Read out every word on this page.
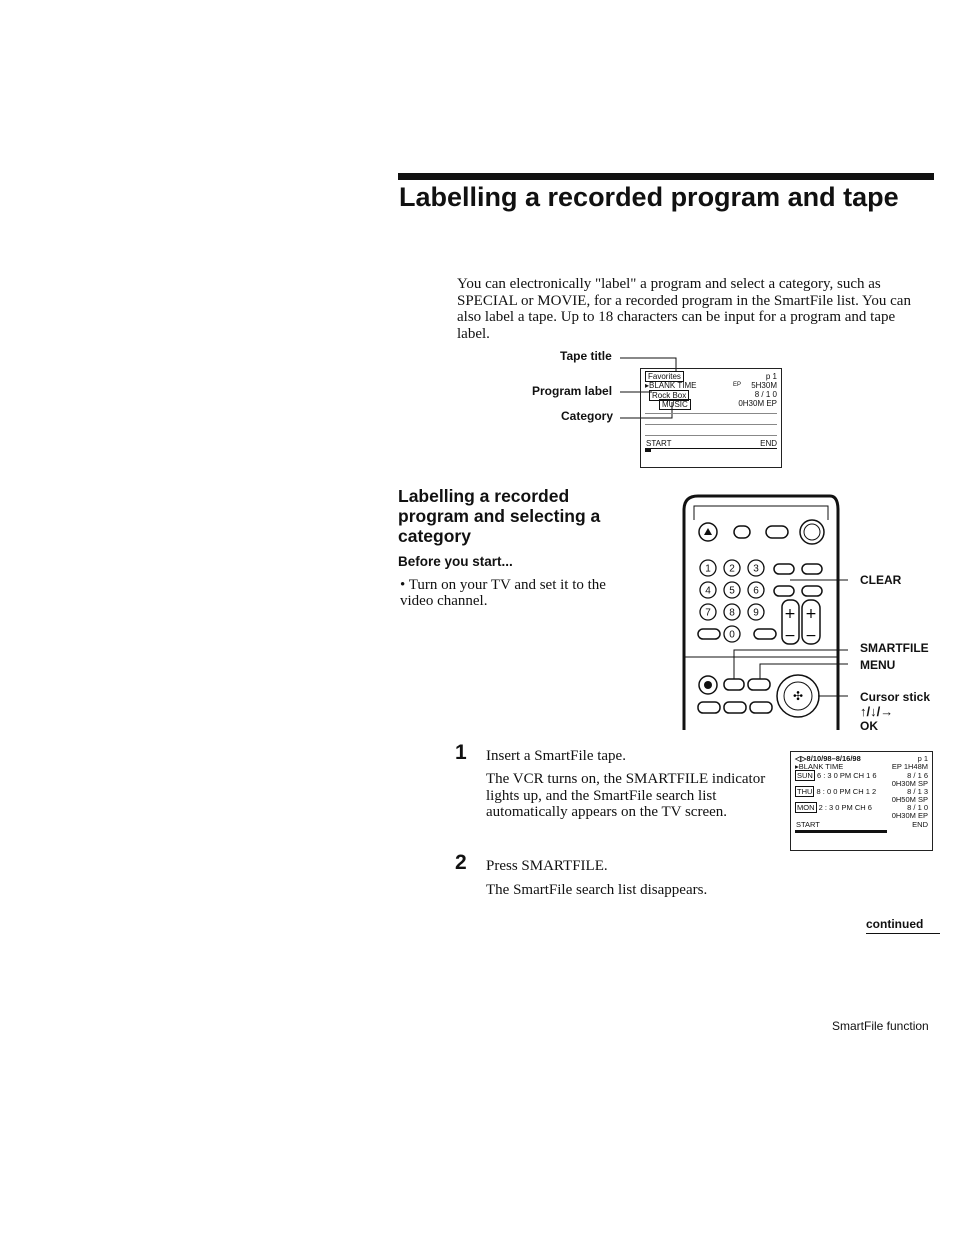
Labelling a recorded program and tape
You can electronically "label" a program and select a category, such as SPECIAL or MOVIE, for a recorded program in the SmartFile list. You can also label a tape. Up to 18 characters can be input for a program and tape label.
Tape title
Program label
Category
Favorites	p 1
▸BLANK TIME	EP 5H30M
Rock Box	8 / 1 0
MUSIC	0H30M EP
START	END
Labelling a recorded program and selecting a category
Before you start...
• Turn on your TV and set it to the video channel.
1 2 3
4 5 6
7 8 9
0
+ +
− −
✣
CLEAR
SMARTFILE
MENU
Cursor stick
↑/↓/→
OK
1 Insert a SmartFile tape.
The VCR turns on, the SMARTFILE indicator lights up, and the SmartFile search list automatically appears on the TV screen.
2 Press SMARTFILE.
The SmartFile search list disappears.
◁▷8/10/98–8/16/98	p 1
▸BLANK TIME	EP 1H48M
SUN 6 : 3 0 PM CH 1 6	8 / 1 6
0H30M SP
THU 8 : 0 0 PM CH 1 2	8 / 1 3
0H50M SP
MON 2 : 3 0 PM CH 6	8 / 1 0
0H30M EP
START	END
continued
SmartFile function
